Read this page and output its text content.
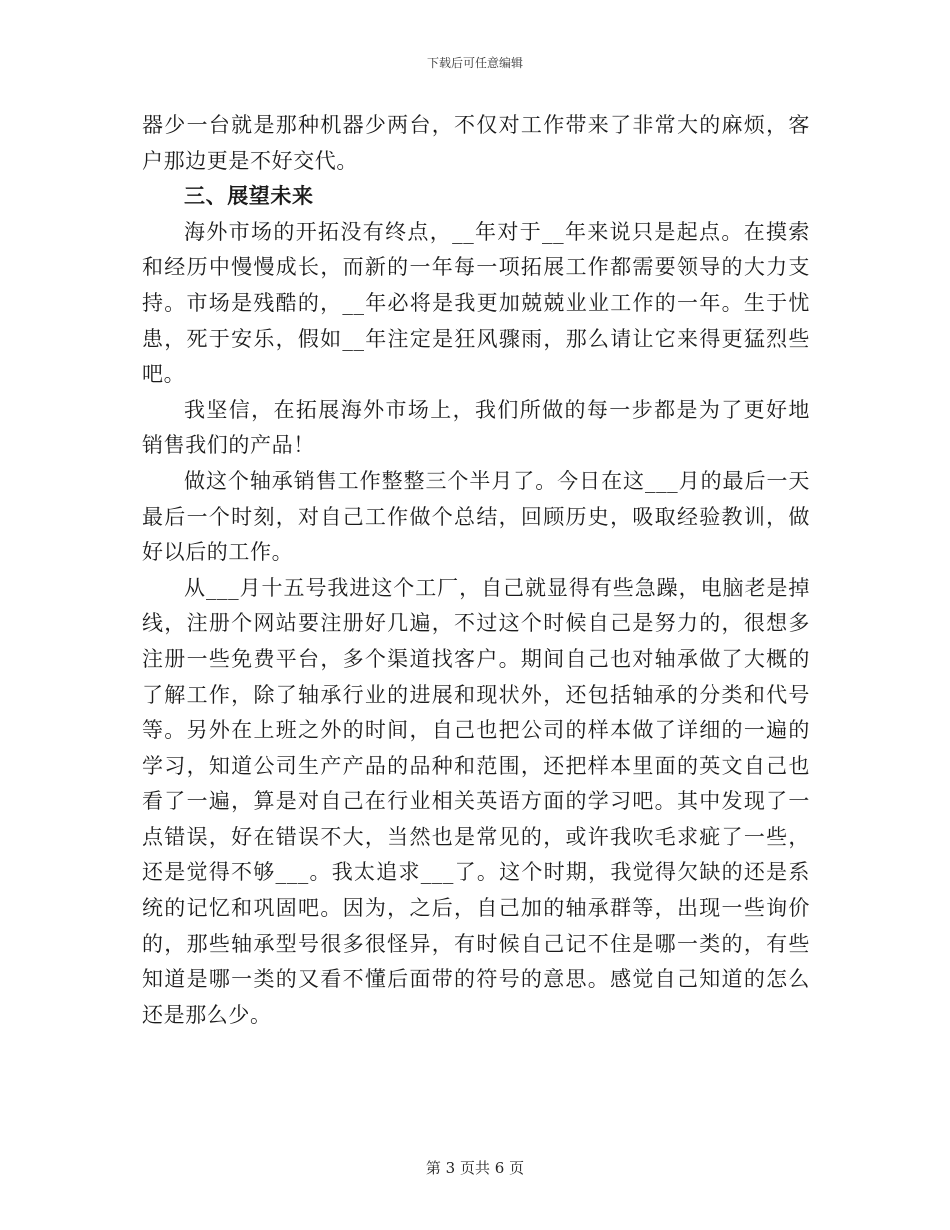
下载后可任意编辑

器少一台就是那种机器少两台，不仅对工作带来了非常大的麻烦，客户那边更是不好交代。

三、展望未来

海外市场的开拓没有终点，__年对于__年来说只是起点。在摸索和经历中慢慢成长，而新的一年每一项拓展工作都需要领导的大力支持。市场是残酷的，__年必将是我更加兢兢业业工作的一年。生于忧患，死于安乐，假如__年注定是狂风骤雨，那么请让它来得更猛烈些吧。

我坚信，在拓展海外市场上，我们所做的每一步都是为了更好地销售我们的产品！

做这个轴承销售工作整整三个半月了。今日在这___月的最后一天最后一个时刻，对自己工作做个总结，回顾历史，吸取经验教训，做好以后的工作。

从___月十五号我进这个工厂，自己就显得有些急躁，电脑老是掉线，注册个网站要注册好几遍，不过这个时候自己是努力的，很想多注册一些免费平台，多个渠道找客户。期间自己也对轴承做了大概的了解工作，除了轴承行业的进展和现状外，还包括轴承的分类和代号等。另外在上班之外的时间，自己也把公司的样本做了详细的一遍的学习，知道公司生产产品的品种和范围，还把样本里面的英文自己也看了一遍，算是对自己在行业相关英语方面的学习吧。其中发现了一点错误，好在错误不大，当然也是常见的，或许我吹毛求疵了一些，还是觉得不够___。我太追求___了。这个时期，我觉得欠缺的还是系统的记忆和巩固吧。因为，之后，自己加的轴承群等，出现一些询价的，那些轴承型号很多很怪异，有时候自己记不住是哪一类的，有些知道是哪一类的又看不懂后面带的符号的意思。感觉自己知道的怎么还是那么少。

第 3 页共 6 页
